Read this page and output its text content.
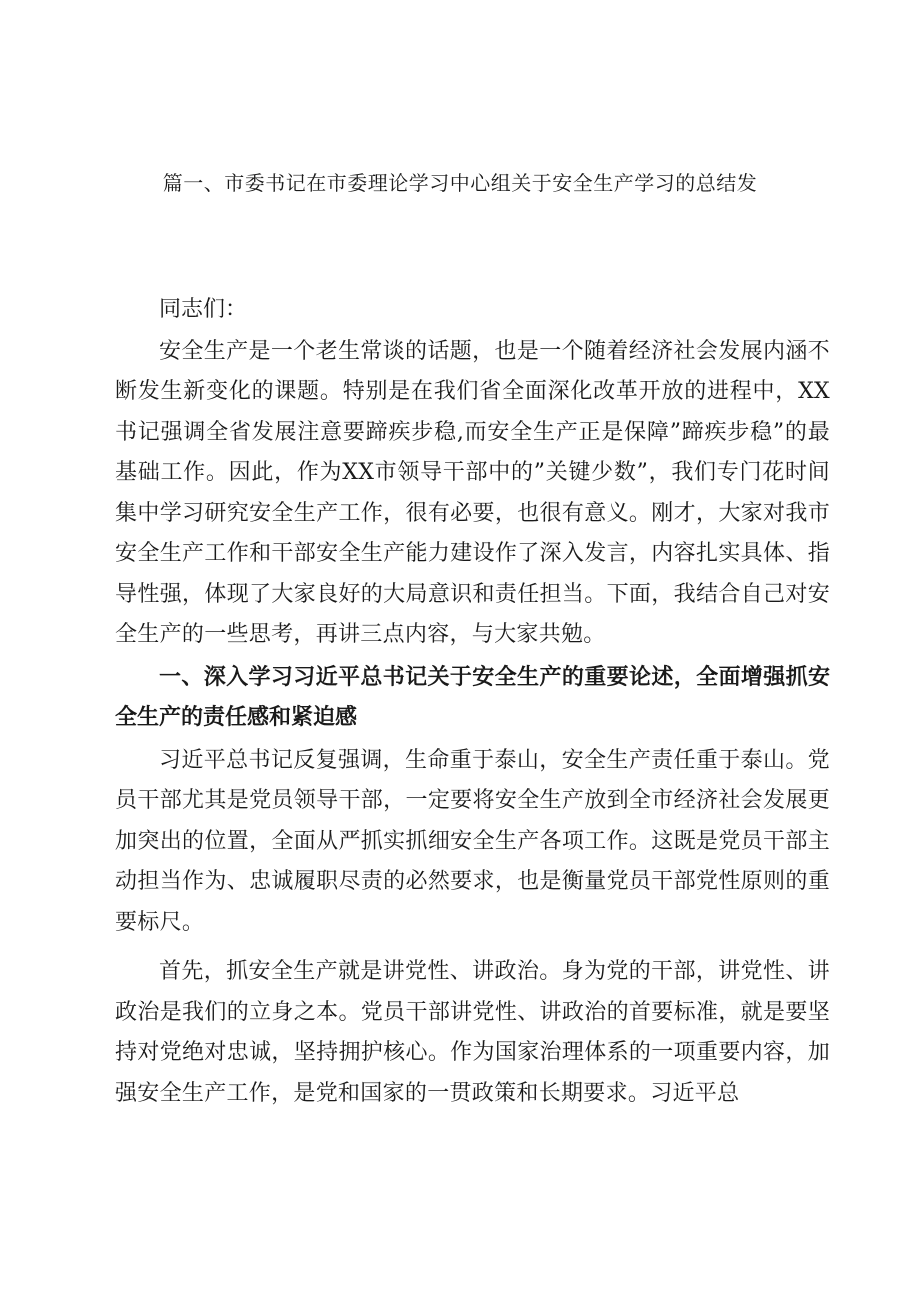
篇一、市委书记在市委理论学习中心组关于安全生产学习的总结发

同志们：

安全生产是一个老生常谈的话题，也是一个随着经济社会发展内涵不断发生新变化的课题。特别是在我们省全面深化改革开放的进程中，XX书记强调全省发展注意要蹄疾步稳,而安全生产正是保障”蹄疾步稳”的最基础工作。因此，作为XX市领导干部中的”关键少数”，我们专门花时间集中学习研究安全生产工作，很有必要，也很有意义。刚才，大家对我市安全生产工作和干部安全生产能力建设作了深入发言，内容扎实具体、指导性强，体现了大家良好的大局意识和责任担当。下面，我结合自己对安全生产的一些思考，再讲三点内容，与大家共勉。

一、深入学习习近平总书记关于安全生产的重要论述，全面增强抓安全生产的责任感和紧迫感

习近平总书记反复强调，生命重于泰山，安全生产责任重于泰山。党员干部尤其是党员领导干部，一定要将安全生产放到全市经济社会发展更加突出的位置，全面从严抓实抓细安全生产各项工作。这既是党员干部主动担当作为、忠诚履职尽责的必然要求，也是衡量党员干部党性原则的重要标尺。

首先，抓安全生产就是讲党性、讲政治。身为党的干部，讲党性、讲政治是我们的立身之本。党员干部讲党性、讲政治的首要标准，就是要坚持对党绝对忠诚，坚持拥护核心。作为国家治理体系的一项重要内容，加强安全生产工作，是党和国家的一贯政策和长期要求。习近平总
